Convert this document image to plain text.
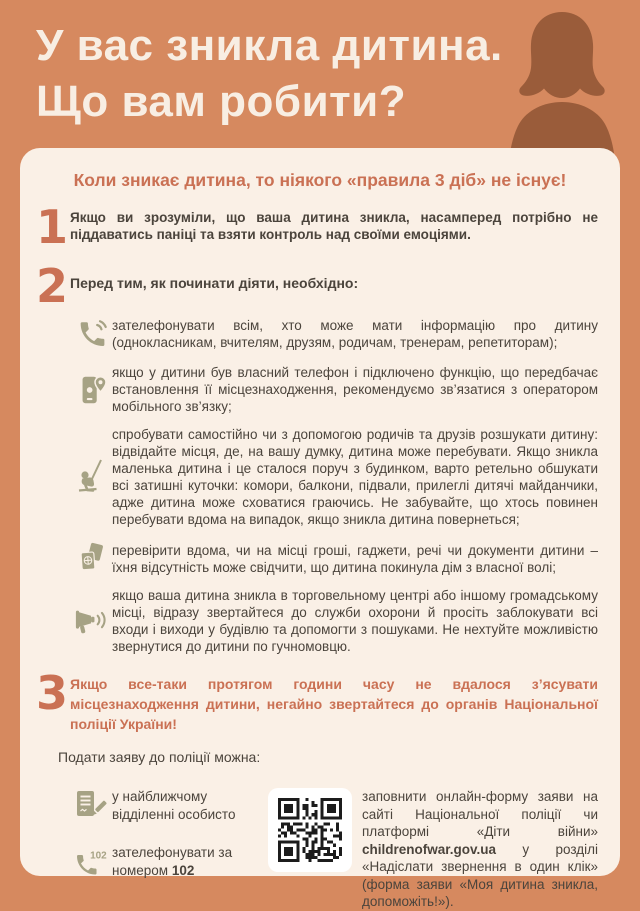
У вас зникла дитина.
Що вам робити?
Коли зникає дитина, то ніякого «правила 3 діб» не існує!
1 Якщо ви зрозуміли, що ваша дитина зникла, насамперед потрібно не піддаватись паніці та взяти контроль над своїми емоціями.

2 Перед тим, як починати діяти, необхідно:

зателефонувати всім, хто може мати інформацію про дитину (однокласникам, вчителям, друзям, родичам, тренерам, репетиторам);

якщо у дитини був власний телефон і підключено функцію, що передбачає встановлення її місцезнаходження, рекомендуємо зв’язатися з оператором мобільного зв’язку;

спробувати самостійно чи з допомогою родичів та друзів розшукати дитину: відвідайте місця, де, на вашу думку, дитина може перебувати. Якщо зникла маленька дитина і це сталося поруч з будинком, варто ретельно обшукати всі затишні куточки: комори, балкони, підвали, прилеглі дитячі майданчики, адже дитина може сховатися граючись. Не забувайте, що хтось повинен перебувати вдома на випадок, якщо зникла дитина повернеться;

перевірити вдома, чи на місці гроші, гаджети, речі чи документи дитини – їхня відсутність може свідчити, що дитина покинула дім з власної волі;

якщо ваша дитина зникла в торговельному центрі або іншому громадському місці, відразу звертайтеся до служби охорони й просіть заблокувати всі входи і виходи у будівлю та допомогти з пошуками. Не нехтуйте можливістю звернутися до дитини по гучномовцю.

3 Якщо все-таки протягом години часу не вдалося з’ясувати місцезнаходження дитини, негайно звертайтеся до органів Національної поліції України!

Подати заяву до поліції можна:

у найближчому відділенні особисто

102 зателефонувати за номером 102

заповнити онлайн-форму заяви на сайті Національної поліції чи платформі «Діти війни» childrenofwar.gov.ua у розділі «Надіслати звернення в один клік» (форма заяви «Моя дитина зникла, допоможіть!»).
